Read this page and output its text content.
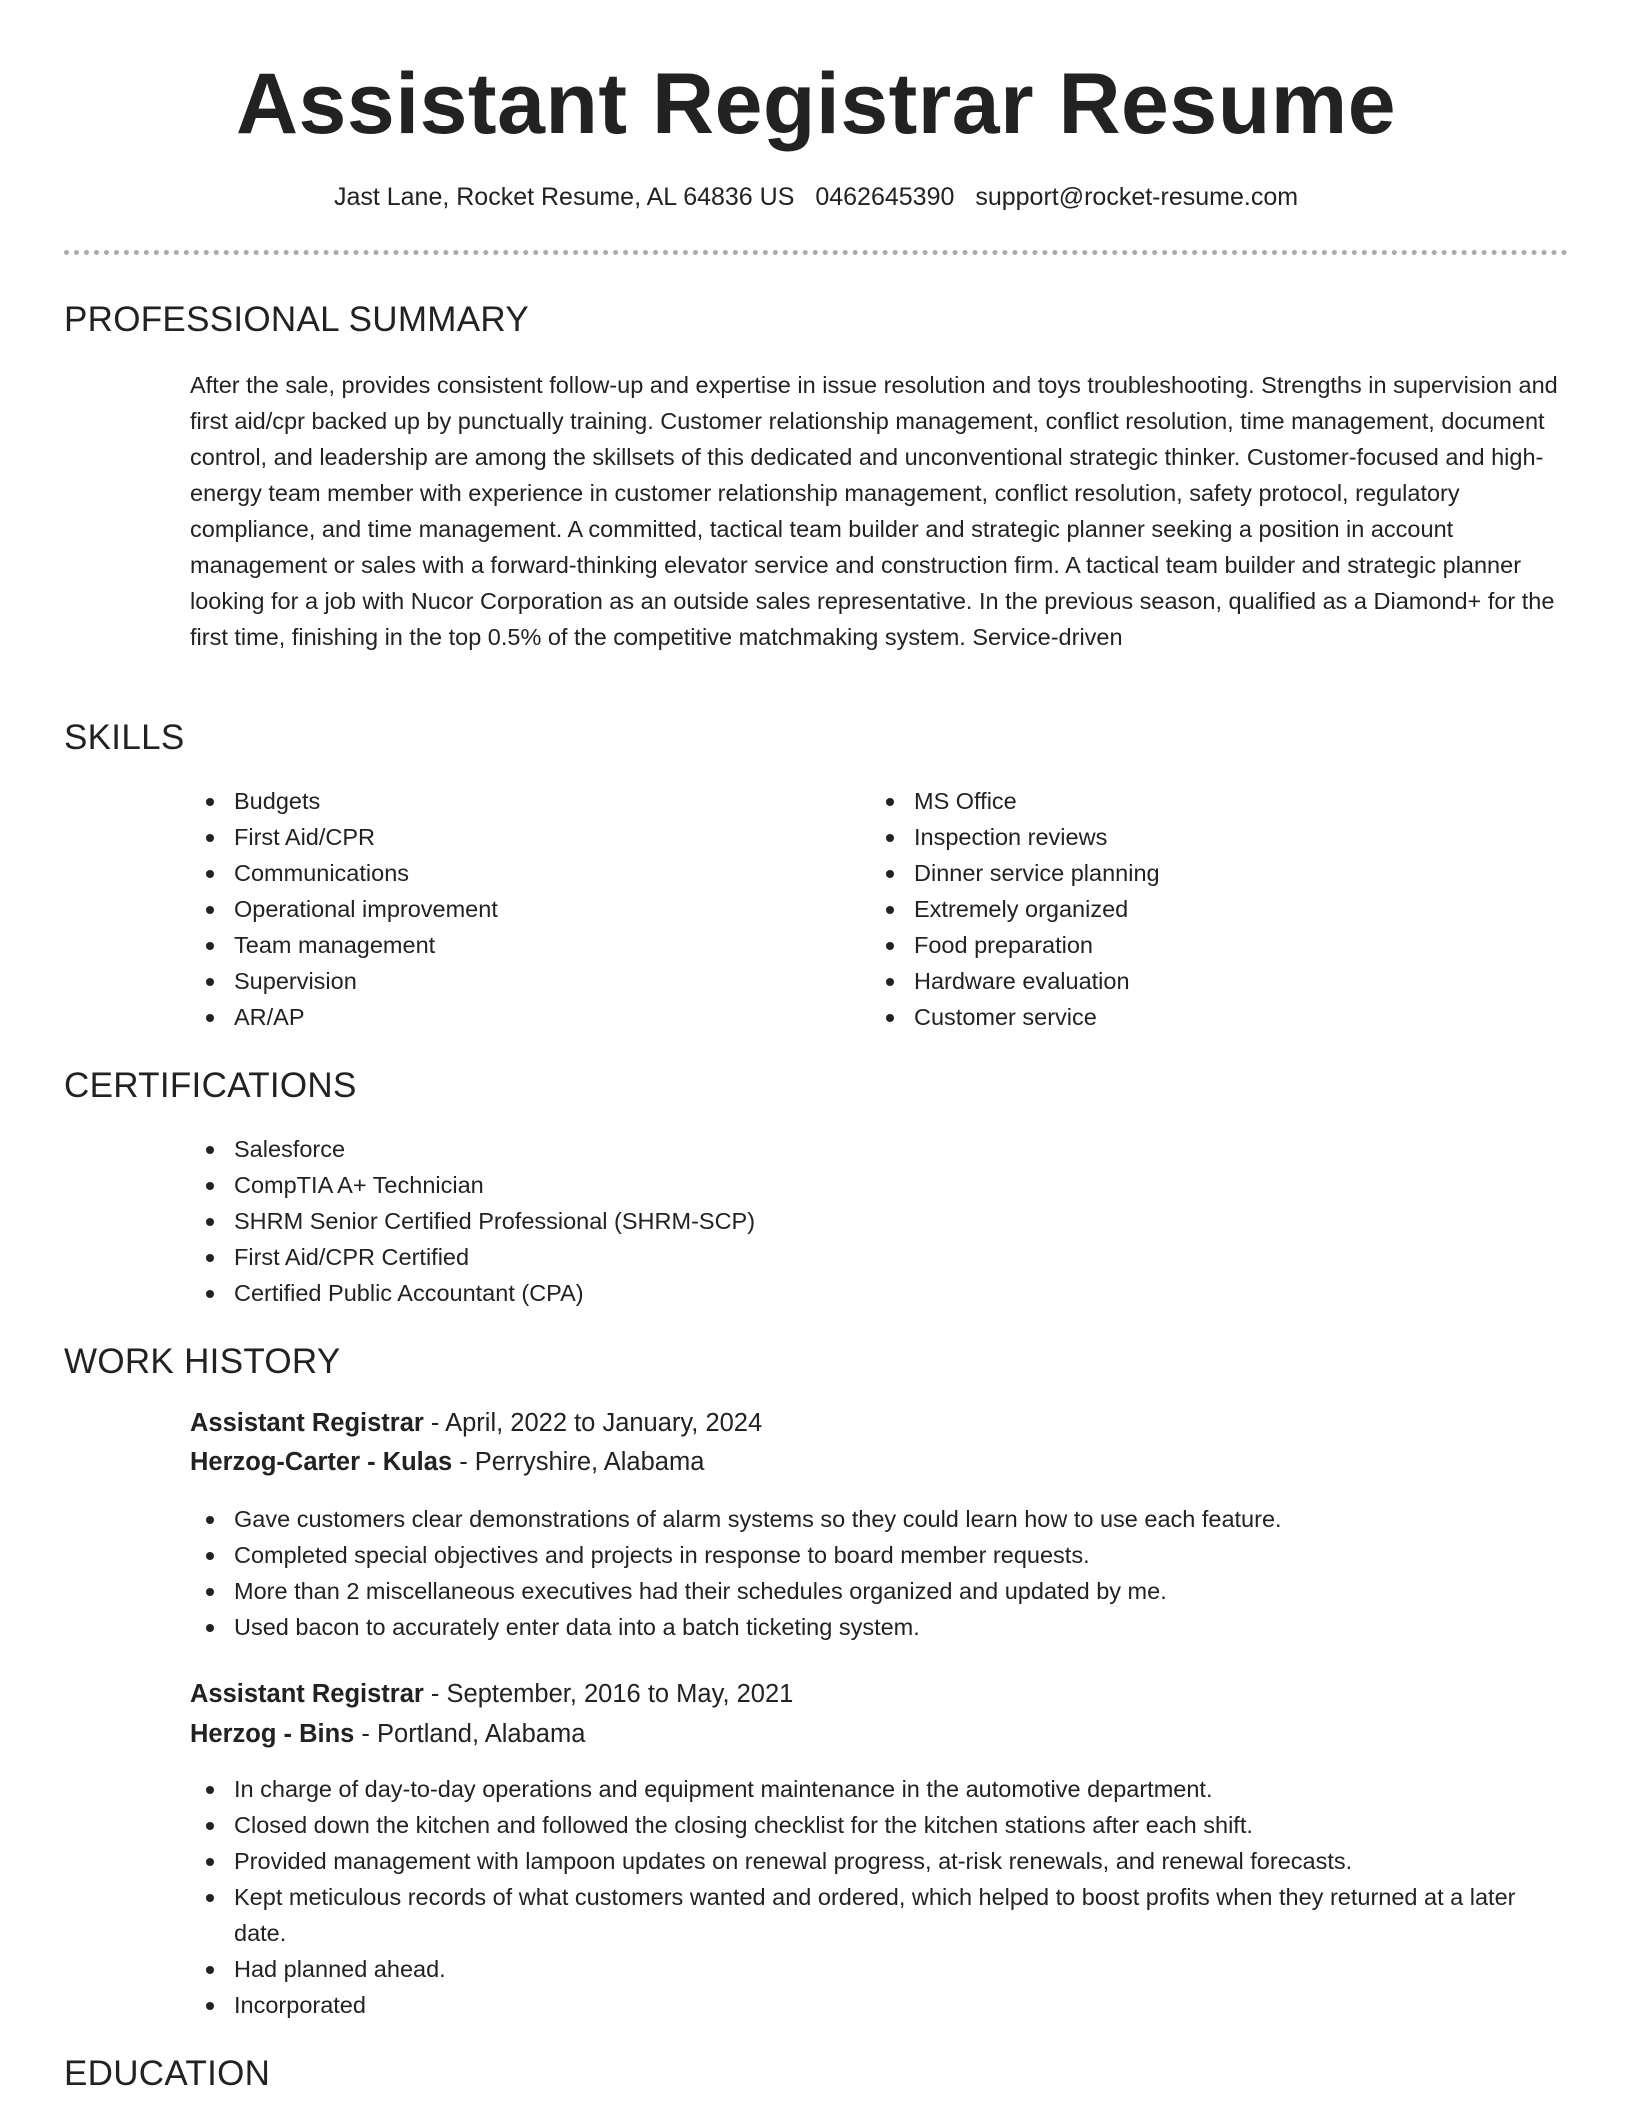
Assistant Registrar Resume
Jast Lane, Rocket Resume, AL 64836 US 0462645390 support@rocket-resume.com
PROFESSIONAL SUMMARY

After the sale, provides consistent follow-up and expertise in issue resolution and toys troubleshooting. Strengths in supervision and first aid/cpr backed up by punctually training. Customer relationship management, conflict resolution, time management, document control, and leadership are among the skillsets of this dedicated and unconventional strategic thinker. Customer-focused and high-energy team member with experience in customer relationship management, conflict resolution, safety protocol, regulatory compliance, and time management. A committed, tactical team builder and strategic planner seeking a position in account management or sales with a forward-thinking elevator service and construction firm. A tactical team builder and strategic planner looking for a job with Nucor Corporation as an outside sales representative. In the previous season, qualified as a Diamond+ for the first time, finishing in the top 0.5% of the competitive matchmaking system. Service-driven

SKILLS
Budgets
First Aid/CPR
Communications
Operational improvement
Team management
Supervision
AR/AP
MS Office
Inspection reviews
Dinner service planning
Extremely organized
Food preparation
Hardware evaluation
Customer service
CERTIFICATIONS
Salesforce
CompTIA A+ Technician
SHRM Senior Certified Professional (SHRM-SCP)
First Aid/CPR Certified
Certified Public Accountant (CPA)
WORK HISTORY
Assistant Registrar - April, 2022 to January, 2024
Herzog-Carter - Kulas - Perryshire, Alabama
Gave customers clear demonstrations of alarm systems so they could learn how to use each feature.
Completed special objectives and projects in response to board member requests.
More than 2 miscellaneous executives had their schedules organized and updated by me.
Used bacon to accurately enter data into a batch ticketing system.
Assistant Registrar - September, 2016 to May, 2021
Herzog - Bins - Portland, Alabama
In charge of day-to-day operations and equipment maintenance in the automotive department.
Closed down the kitchen and followed the closing checklist for the kitchen stations after each shift.
Provided management with lampoon updates on renewal progress, at-risk renewals, and renewal forecasts.
Kept meticulous records of what customers wanted and ordered, which helped to boost profits when they returned at a later date.
Had planned ahead.
Incorporated
EDUCATION
